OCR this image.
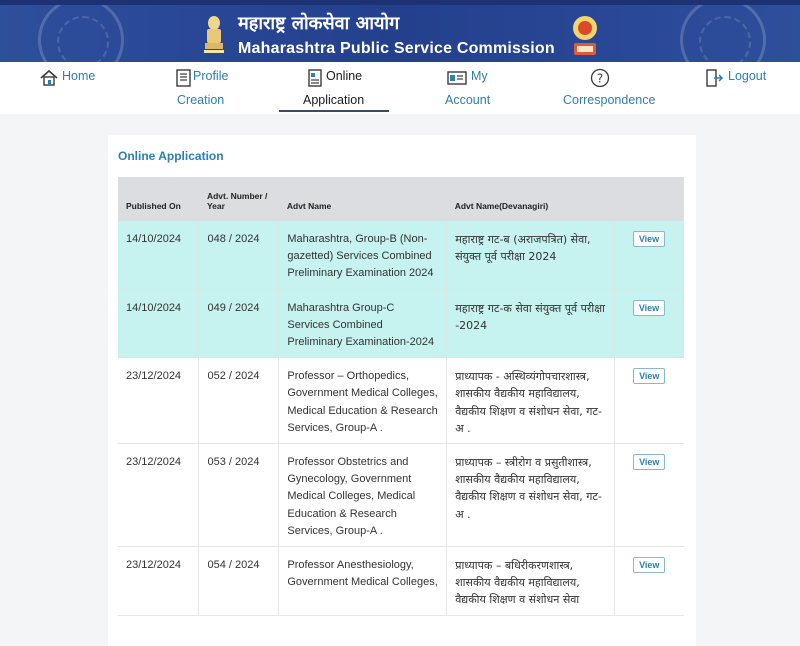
महाराष्ट्र लोकसेवा आयोग
Maharashtra Public Service Commission
Home	Profile
Creation
Online
Application
My
Account
?
Correspondence
Logout
Online Application
Published On	Advt. Number / Year	Advt Name	Advt Name(Devanagiri)	
14/10/2024	048 / 2024	Maharashtra, Group-B (Non-gazetted) Services Combined Preliminary Examination 2024	महाराष्ट्र गट-ब (अराजपत्रित) सेवा, संयुक्त पूर्व परीक्षा 2024	View
14/10/2024	049 / 2024	Maharashtra Group-C Services Combined Preliminary Examination-2024	महाराष्ट्र गट-क सेवा संयुक्त पूर्व परीक्षा -2024	View
23/12/2024	052 / 2024	Professor – Orthopedics, Government Medical Colleges, Medical Education & Research Services, Group-A .	प्राध्यापक - अस्थिव्यंगोपचारशास्त्र, शासकीय वैद्यकीय महाविद्यालय, वैद्यकीय शिक्षण व संशोधन सेवा, गट-अ .	View
23/12/2024	053 / 2024	Professor Obstetrics and Gynecology, Government Medical Colleges, Medical Education & Research Services, Group-A .	प्राध्यापक – स्त्रीरोग व प्रसुतीशास्त्र, शासकीय वैद्यकीय महाविद्यालय, वैद्यकीय शिक्षण व संशोधन सेवा, गट-अ .	View
23/12/2024	054 / 2024	Professor Anesthesiology, Government Medical Colleges,	प्राध्यापक – बधिरीकरणशास्त्र, शासकीय वैद्यकीय महाविद्यालय, वैद्यकीय शिक्षण व संशोधन सेवा	View
